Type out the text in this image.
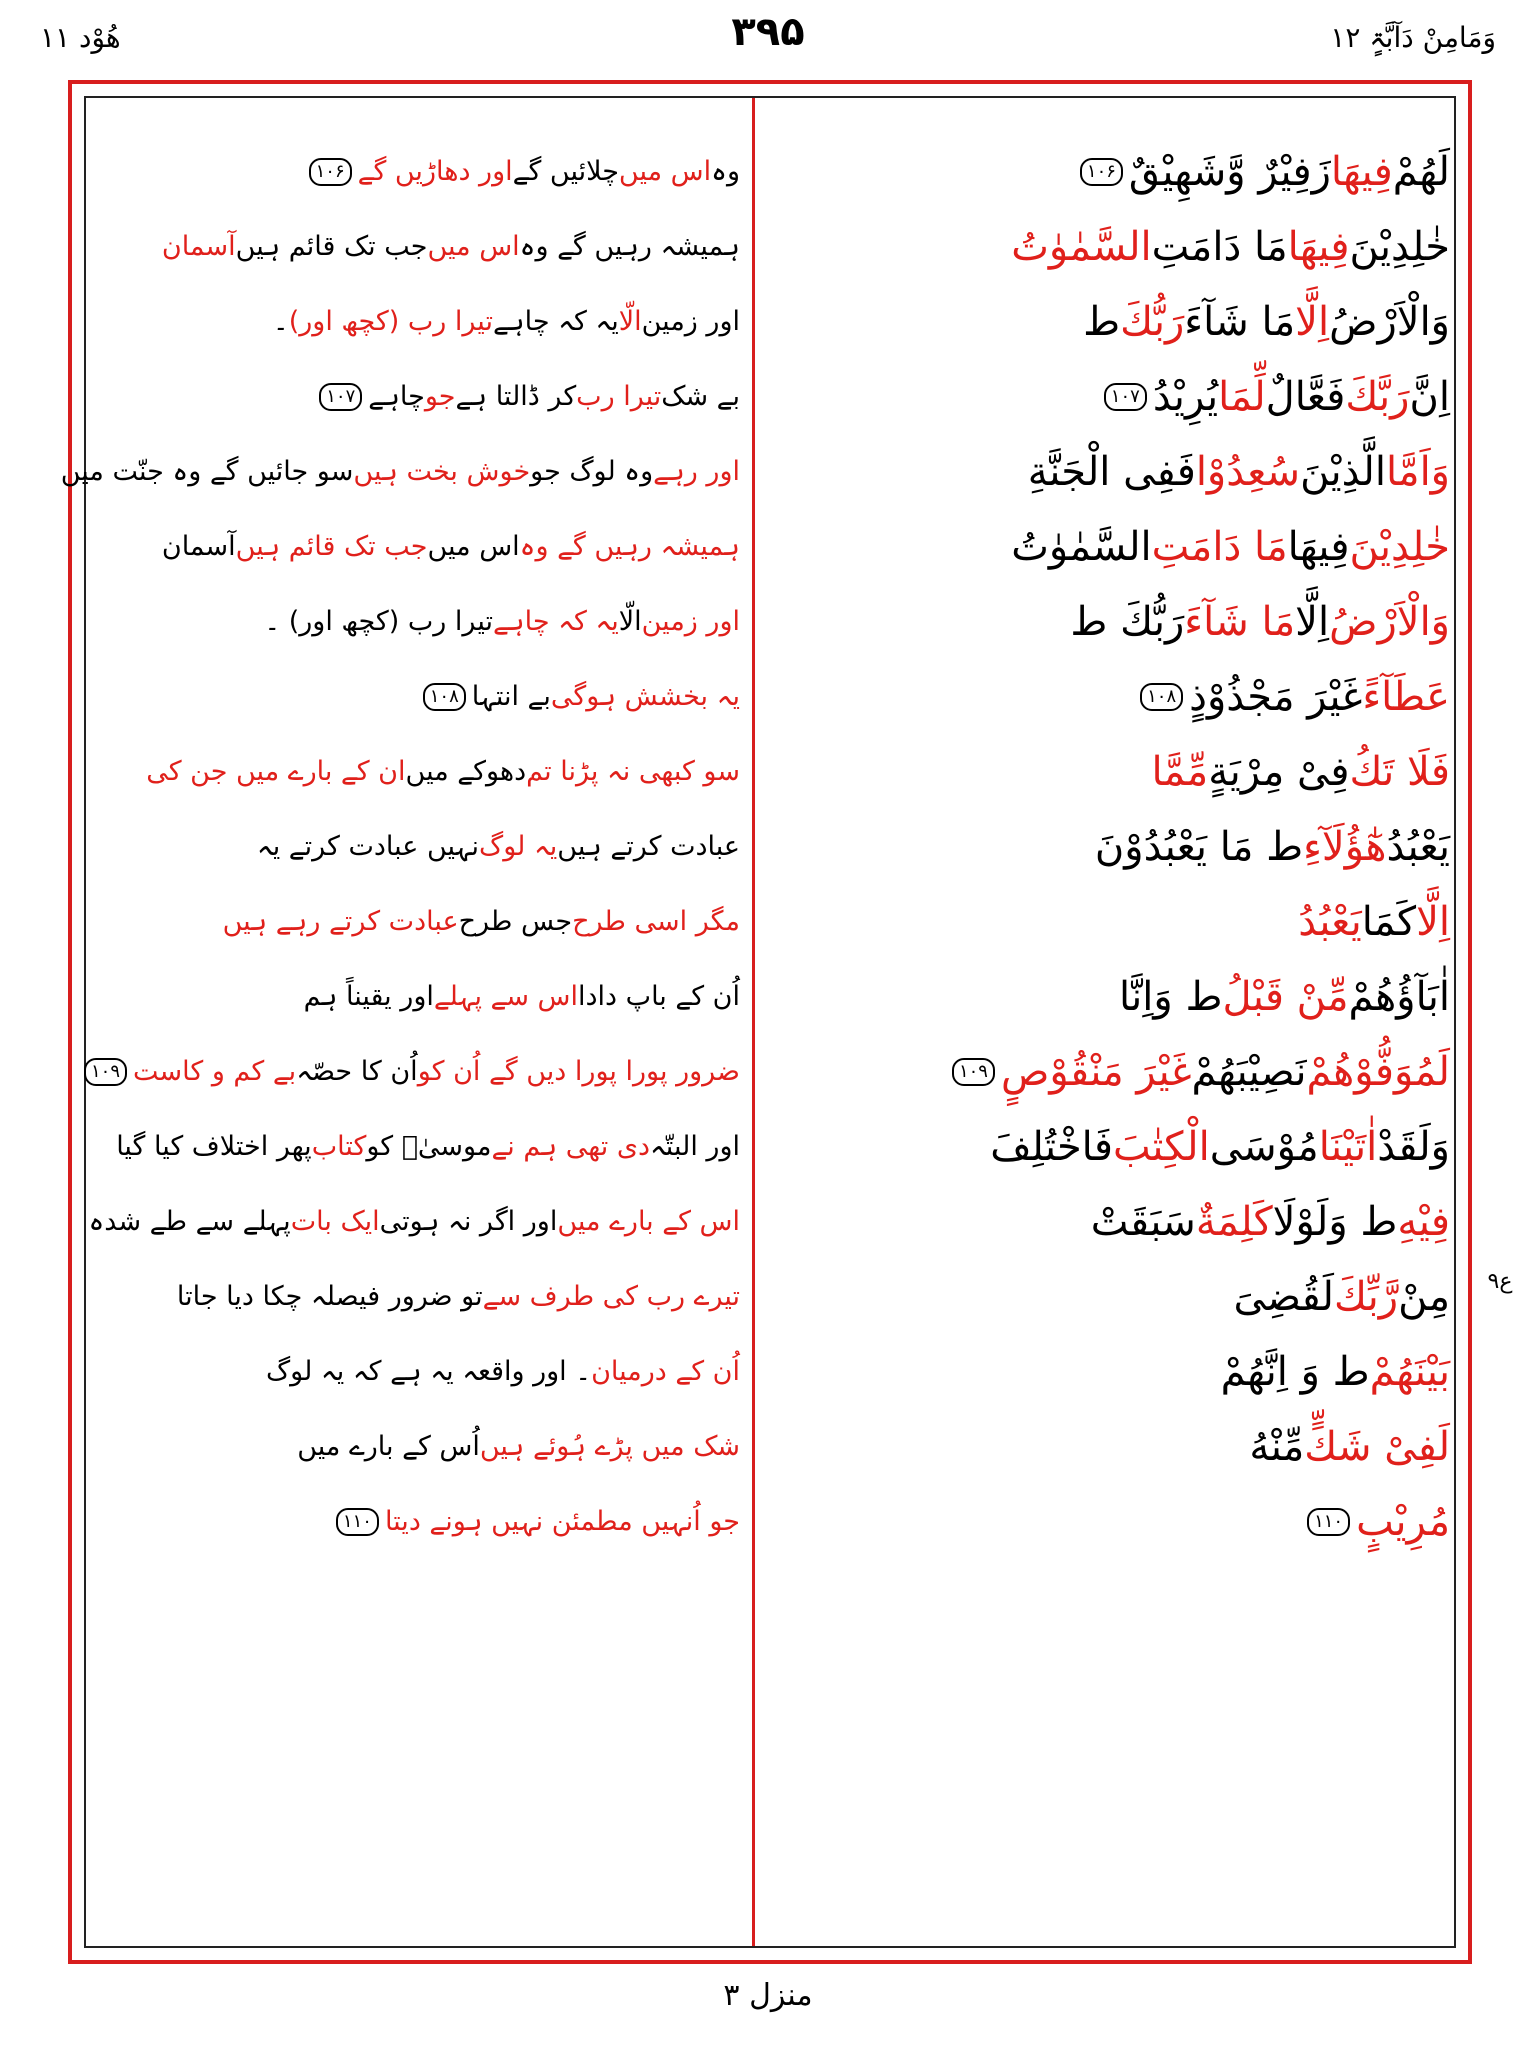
هُوْد ۱۱	۳۹۵	وَمَامِنْ دَآبَّۃٍ ۱۲
۹ع
لَهُمْ
فِيهَا
زَفِيْرٌ وَّشَهِيْقٌ
۱۰۶
خٰلِدِيْنَ
فِيهَا
مَا دَامَتِ
السَّمٰوٰتُ
وَالْاَرْضُ
اِلَّا
مَا شَآءَ
رَبُّكَ
ط
اِنَّ
رَبَّكَ
فَعَّالٌ
لِّمَا
يُرِيْدُ
۱۰۷
وَاَمَّا
الَّذِيْنَ
سُعِدُوْا
فَفِى الْجَنَّةِ
خٰلِدِيْنَ
فِيهَا
مَا دَامَتِ
السَّمٰوٰتُ
وَالْاَرْضُ
اِلَّا
مَا شَآءَ
رَبُّكَ ط
عَطَآءً
غَيْرَ مَجْذُوْذٍ
۱۰۸
فَلَا تَكُ
فِىْ مِرْيَةٍ
مِّمَّا
يَعْبُدُ
هٰٓؤُلَآءِ
ط مَا يَعْبُدُوْنَ
اِلَّا
كَمَا
يَعْبُدُ
اٰبَآؤُهُمْ
مِّنْ قَبْلُ
ط وَاِنَّا
لَمُوَفُّوْهُمْ
نَصِيْبَهُمْ
غَيْرَ مَنْقُوْصٍ
۱۰۹
وَلَقَدْ
اٰتَيْنَا
مُوْسَى
الْكِتٰبَ
فَاخْتُلِفَ
فِيْهِ
ط وَلَوْلَا
كَلِمَةٌ
سَبَقَتْ
مِنْ
رَّبِّكَ
لَقُضِىَ
بَيْنَهُمْ
ط وَ اِنَّهُمْ
لَفِىْ شَكٍّ
مِّنْهُ
مُرِيْبٍ
۱۱۰
وہ
اس میں
چلائیں گے
اور دھاڑیں گے
۱۰۶
ہمیشہ رہیں گے وہ
اس میں
جب تک قائم ہیں
آسمان
اور زمین
الّا
یہ کہ چاہے
تیرا رب (کچھ اور)
۔
بے شک
تیرا رب
کر ڈالتا ہے
جو
چاہے
۱۰۷
اور رہے
وہ لوگ جو
خوش بخت ہیں
سو جائیں گے وہ جنّت میں
ہمیشہ رہیں گے وہ
اس میں
جب تک قائم ہیں
آسمان
اور زمین
الّا
یہ کہ چاہے
تیرا رب (کچھ اور) ۔
یہ بخشش ہوگی
بے انتہا
۱۰۸
سو کبھی نہ پڑنا تم
دھوکے میں
ان کے بارے میں جن کی
عبادت کرتے ہیں
یہ لوگ
نہیں عبادت کرتے یہ
مگر اسی طرح
جس طرح
عبادت کرتے رہے ہیں
اُن کے باپ دادا
اس سے پہلے
اور یقیناً ہم
ضرور پورا پورا دیں گے اُن کو
اُن کا حصّہ
بے کم و کاست
۱۰۹
اور البتّہ
دی تھی ہم نے
موسیٰؑ کو
کتاب
پھر اختلاف کیا گیا
اس کے بارے میں
اور اگر نہ ہوتی
ایک بات
پہلے سے طے شدہ
تیرے رب کی طرف سے
تو ضرور فیصلہ چکا دیا جاتا
اُن کے درمیان
۔ اور واقعہ یہ ہے کہ یہ لوگ
شک میں پڑے ہُوئے ہیں
اُس کے بارے میں
جو اُنہیں مطمئن نہیں ہونے دیتا
۱۱۰
منزل ۳
